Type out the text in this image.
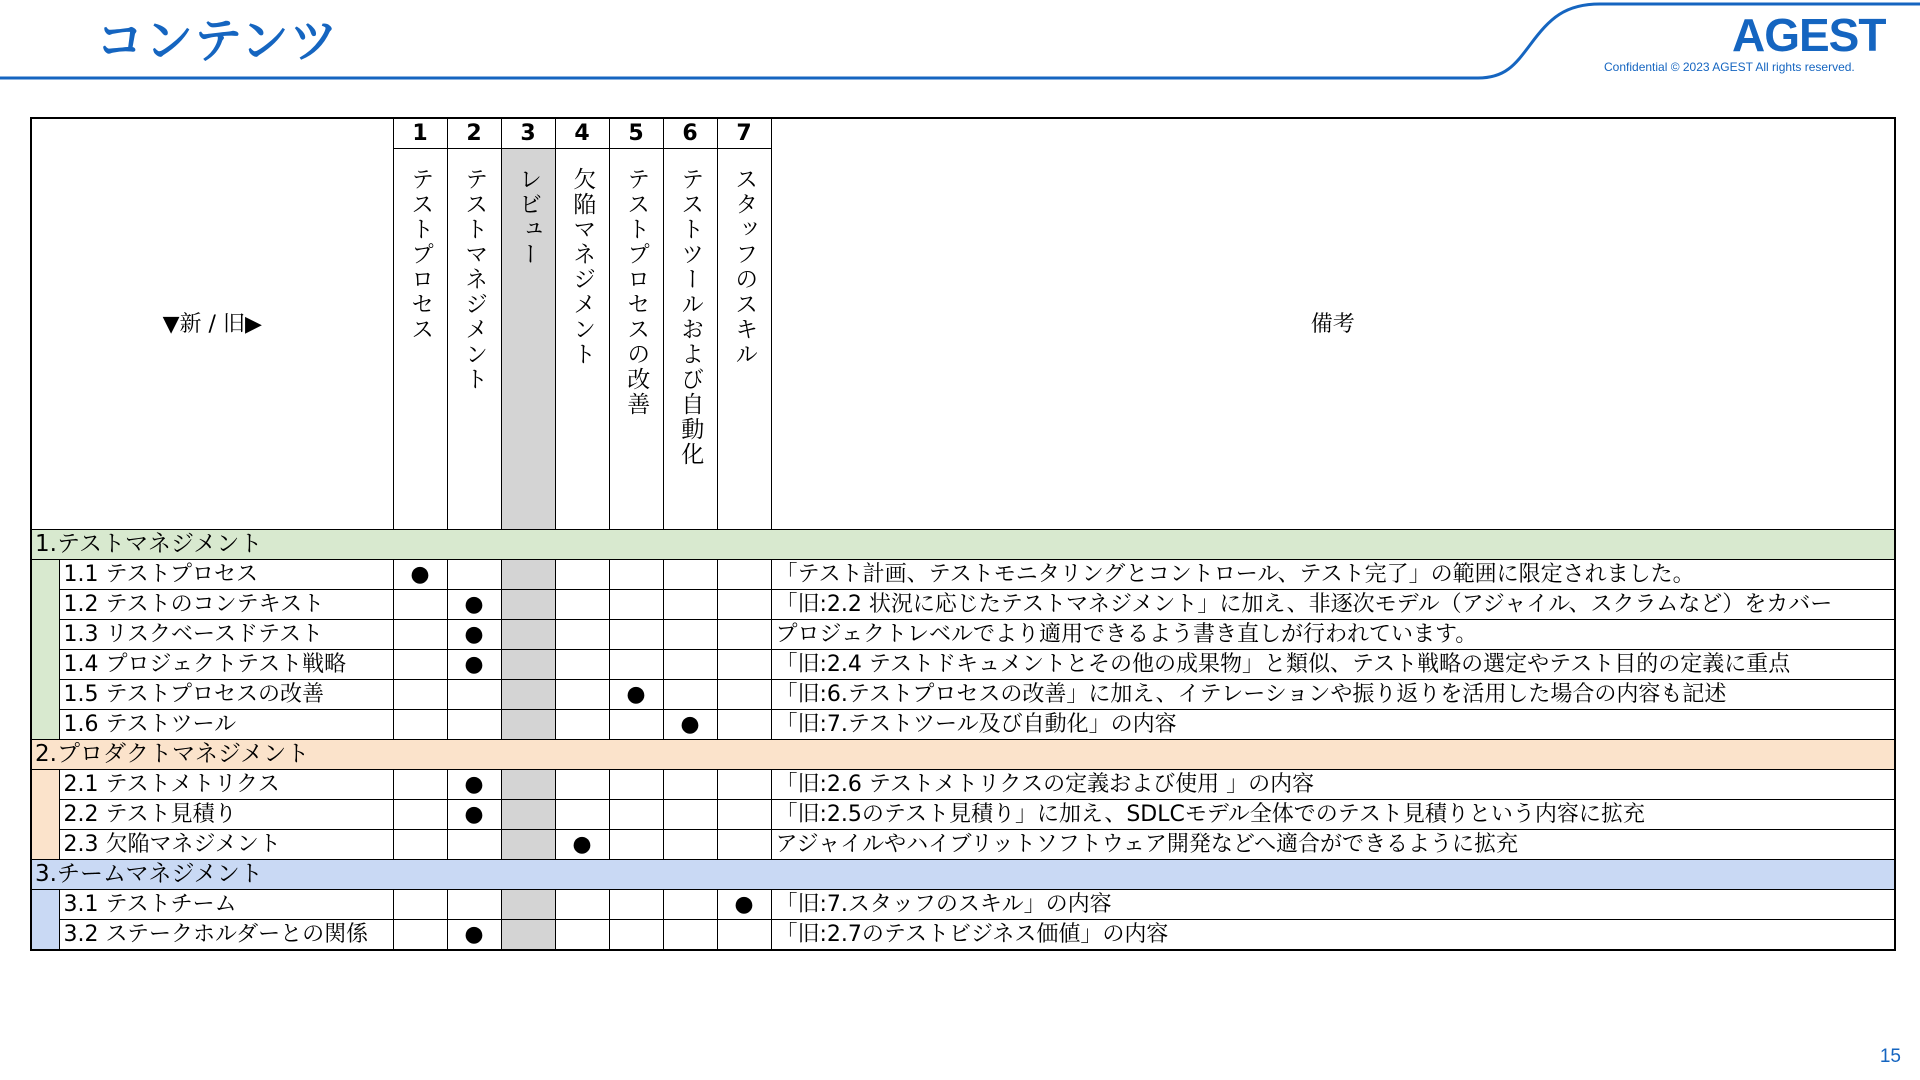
コンテンツ	AGEST
Confidential © 2023 AGEST All rights reserved.
15
▼新 / 旧▶		1	2	3	4	5	6	7	備考
		テストプロセス	テストマネジメント	レビュー	欠陥マネジメント	テストプロセスの改善	テストツールおよび自動化	スタッフのスキル	
1.テストマネジメント									
	1.1 テストプロセス	●							「テスト計画、テストモニタリングとコントロール、テスト完了」の範囲に限定されました。
	1.2 テストのコンテキスト		●						「旧:2.2 状況に応じたテストマネジメント」に加え、非逐次モデル（アジャイル、スクラムなど）をカバー
	1.3 リスクベースドテスト		●						プロジェクトレベルでより適用できるよう書き直しが行われています。
	1.4 プロジェクトテスト戦略		●						「旧:2.4 テストドキュメントとその他の成果物」と類似、テスト戦略の選定やテスト目的の定義に重点
	1.5 テストプロセスの改善					●			「旧:6.テストプロセスの改善」に加え、イテレーションや振り返りを活用した場合の内容も記述
	1.6 テストツール						●		「旧:7.テストツール及び自動化」の内容
2.プロダクトマネジメント									
	2.1 テストメトリクス		●						「旧:2.6 テストメトリクスの定義および使用 」の内容
	2.2 テスト見積り		●						「旧:2.5のテスト見積り」に加え、SDLCモデル全体でのテスト見積りという内容に拡充
	2.3 欠陥マネジメント				●				アジャイルやハイブリットソフトウェア開発などへ適合ができるように拡充
3.チームマネジメント									
	3.1 テストチーム							●	「旧:7.スタッフのスキル」の内容
	3.2 ステークホルダーとの関係		●						「旧:2.7のテストビジネス価値」の内容
